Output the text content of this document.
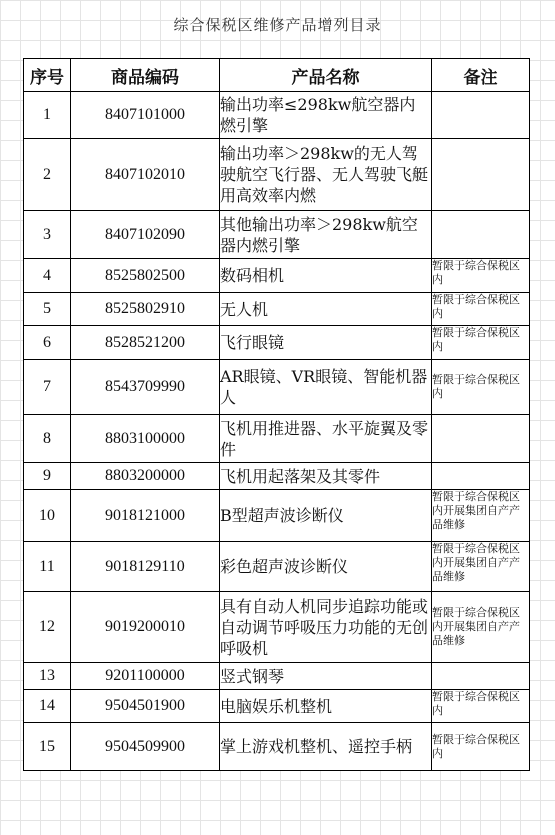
综合保税区维修产品增列目录
序号	商品编码	产品名称	备注
1	8407101000	输出功率≤298kw航空器内燃引擎	
2	8407102010	输出功率＞298kw的无人驾驶航空飞行器、无人驾驶飞艇用高效率内燃	
3	8407102090	其他输出功率＞298kw航空器内燃引擎	
4	8525802500	数码相机	暂限于综合保税区内
5	8525802910	无人机	暂限于综合保税区内
6	8528521200	飞行眼镜	暂限于综合保税区内
7	8543709990	AR眼镜、VR眼镜、智能机器人	暂限于综合保税区内
8	8803100000	飞机用推进器、水平旋翼及零件	
9	8803200000	飞机用起落架及其零件	
10	9018121000	B型超声波诊断仪	暂限于综合保税区内开展集团自产产品维修
11	9018129110	彩色超声波诊断仪	暂限于综合保税区内开展集团自产产品维修
12	9019200010	具有自动人机同步追踪功能或自动调节呼吸压力功能的无创呼吸机	暂限于综合保税区内开展集团自产产品维修
13	9201100000	竖式钢琴	
14	9504501900	电脑娱乐机整机	暂限于综合保税区内
15	9504509900	掌上游戏机整机、遥控手柄	暂限于综合保税区内
